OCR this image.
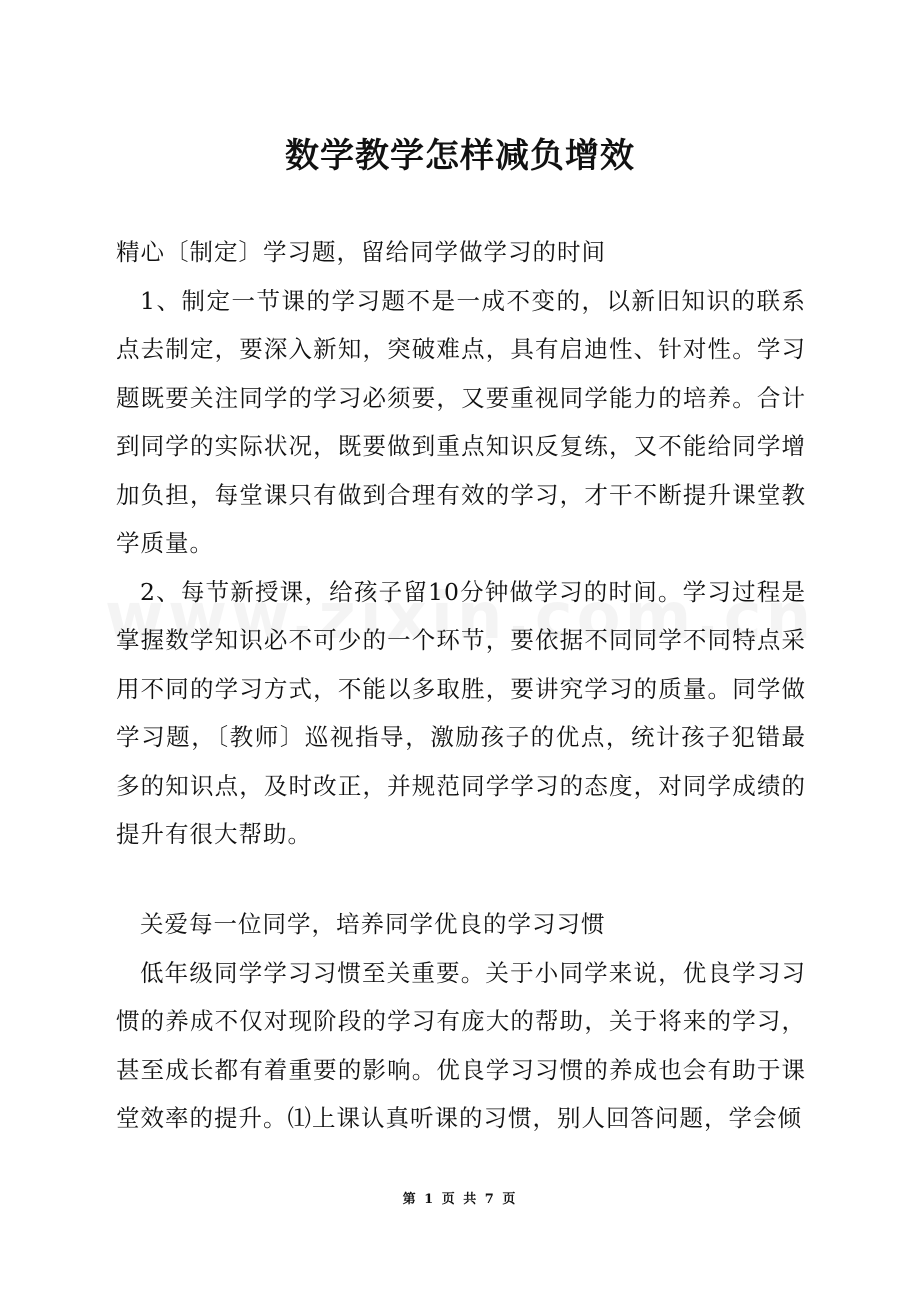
数学教学怎样减负增效

精心〔制定〕学习题，留给同学做学习的时间

1、制定一节课的学习题不是一成不变的，以新旧知识的联系点去制定，要深入新知，突破难点，具有启迪性、针对性。学习题既要关注同学的学习必须要，又要重视同学能力的培养。合计到同学的实际状况，既要做到重点知识反复练，又不能给同学增加负担，每堂课只有做到合理有效的学习，才干不断提升课堂教学质量。

2、每节新授课，给孩子留10分钟做学习的时间。学习过程是掌握数学知识必不可少的一个环节，要依据不同同学不同特点采用不同的学习方式，不能以多取胜，要讲究学习的质量。同学做学习题，〔教师〕巡视指导，激励孩子的优点，统计孩子犯错最多的知识点，及时改正，并规范同学学习的态度，对同学成绩的提升有很大帮助。

关爱每一位同学，培养同学优良的学习习惯

低年级同学学习习惯至关重要。关于小同学来说，优良学习习惯的养成不仅对现阶段的学习有庞大的帮助，关于将来的学习，甚至成长都有着重要的影响。优良学习习惯的养成也会有助于课堂效率的提升。⑴上课认真听课的习惯，别人回答问题，学会倾

第 1 页 共 7 页
